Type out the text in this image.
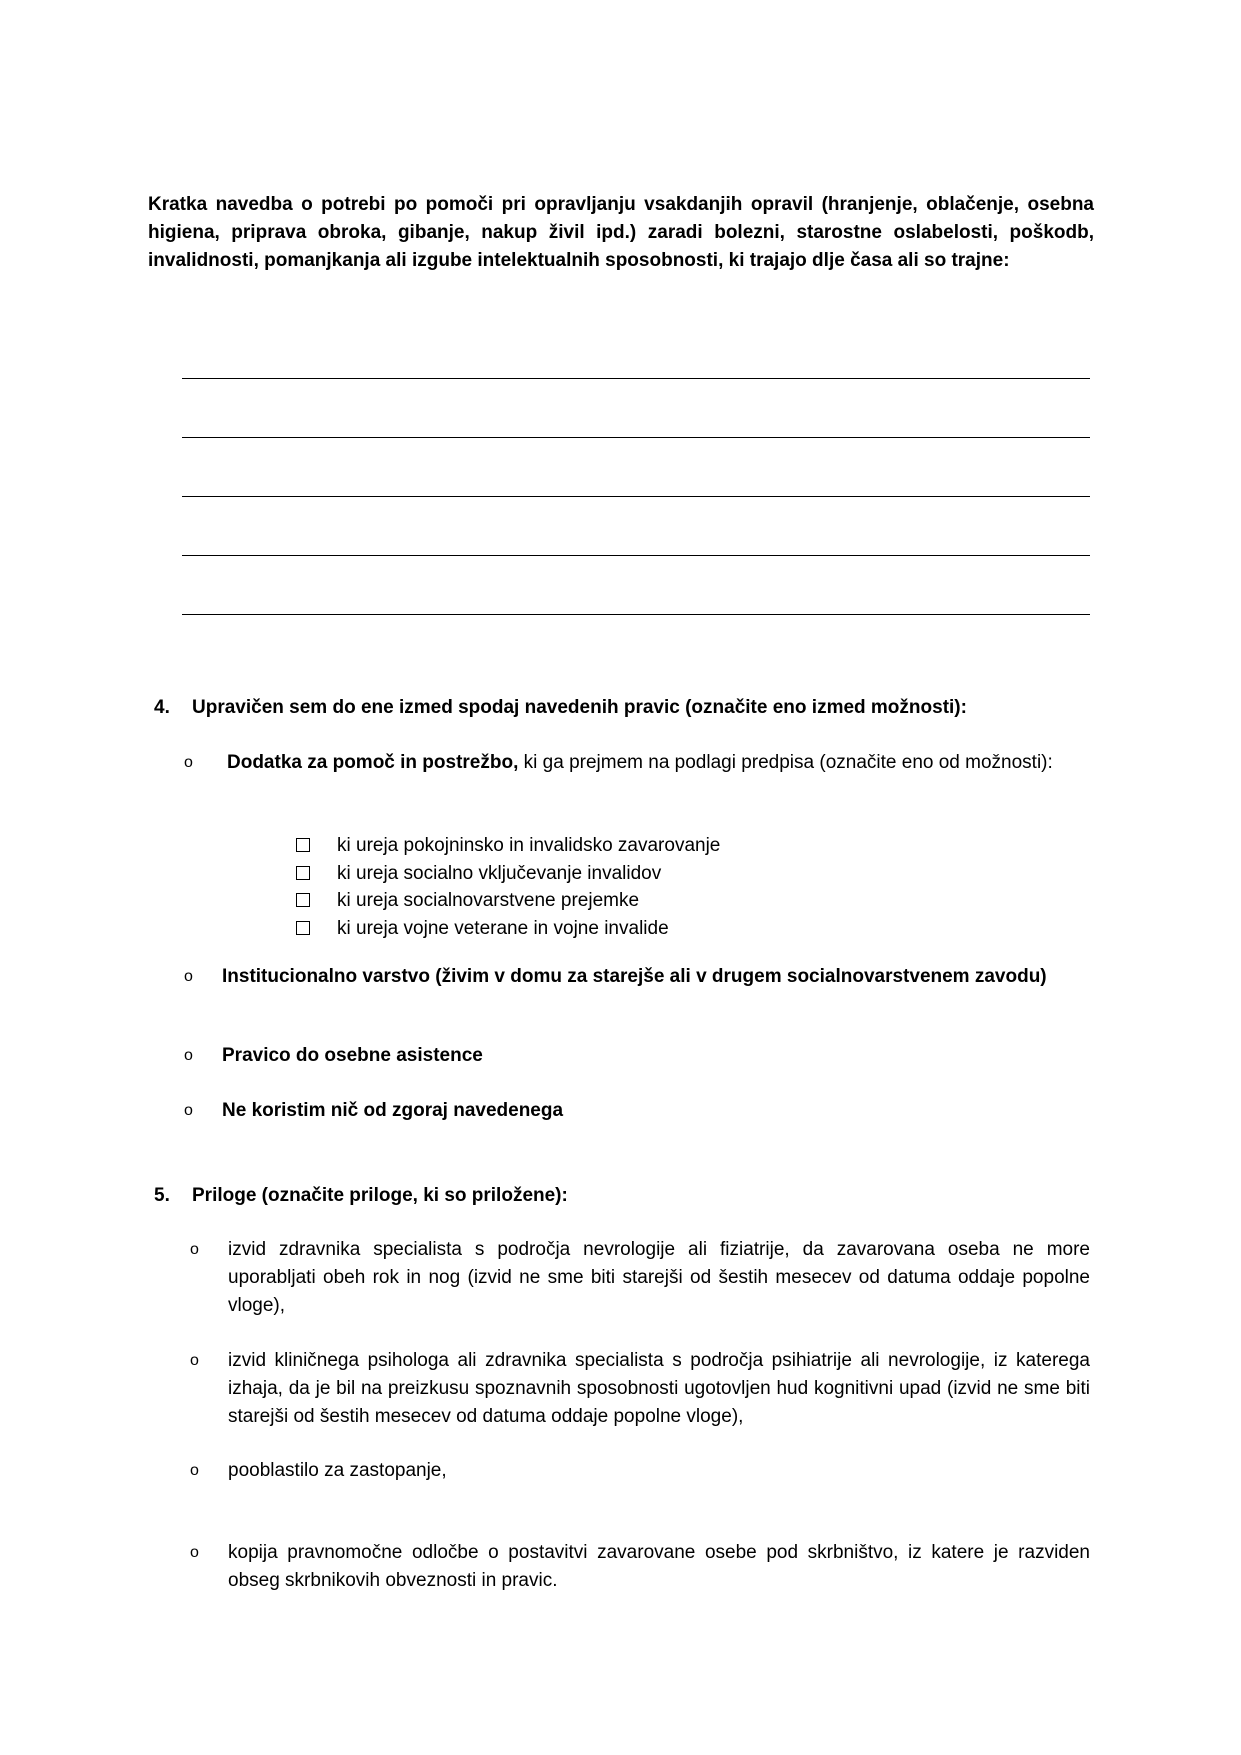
Kratka navedba o potrebi po pomoči pri opravljanju vsakdanjih opravil (hranjenje, oblačenje, osebna higiena, priprava obroka, gibanje, nakup živil ipd.) zaradi bolezni, starostne oslabelosti, poškodb, invalidnosti, pomanjkanja ali izgube intelektualnih sposobnosti, ki trajajo dlje časa ali so trajne:

4. Upravičen sem do ene izmed spodaj navedenih pravic (označite eno izmed možnosti):
o Dodatka za pomoč in postrežbo, ki ga prejmem na podlagi predpisa (označite eno od možnosti):

ki ureja pokojninsko in invalidsko zavarovanje
ki ureja socialno vključevanje invalidov
ki ureja socialnovarstvene prejemke
ki ureja vojne veterane in vojne invalide
o Institucionalno varstvo (živim v domu za starejše ali v drugem socialnovarstvenem zavodu)

o Pravico do osebne asistence

o Ne koristim nič od zgoraj navedenega

5. Priloge (označite priloge, ki so priložene):
o izvid zdravnika specialista s področja nevrologije ali fiziatrije, da zavarovana oseba ne more uporabljati obeh rok in nog (izvid ne sme biti starejši od šestih mesecev od datuma oddaje popolne vloge),

o izvid kliničnega psihologa ali zdravnika specialista s področja psihiatrije ali nevrologije, iz katerega izhaja, da je bil na preizkusu spoznavnih sposobnosti ugotovljen hud kognitivni upad (izvid ne sme biti starejši od šestih mesecev od datuma oddaje popolne vloge),

o pooblastilo za zastopanje,

o kopija pravnomočne odločbe o postavitvi zavarovane osebe pod skrbništvo, iz katere je razviden obseg skrbnikovih obveznosti in pravic.
